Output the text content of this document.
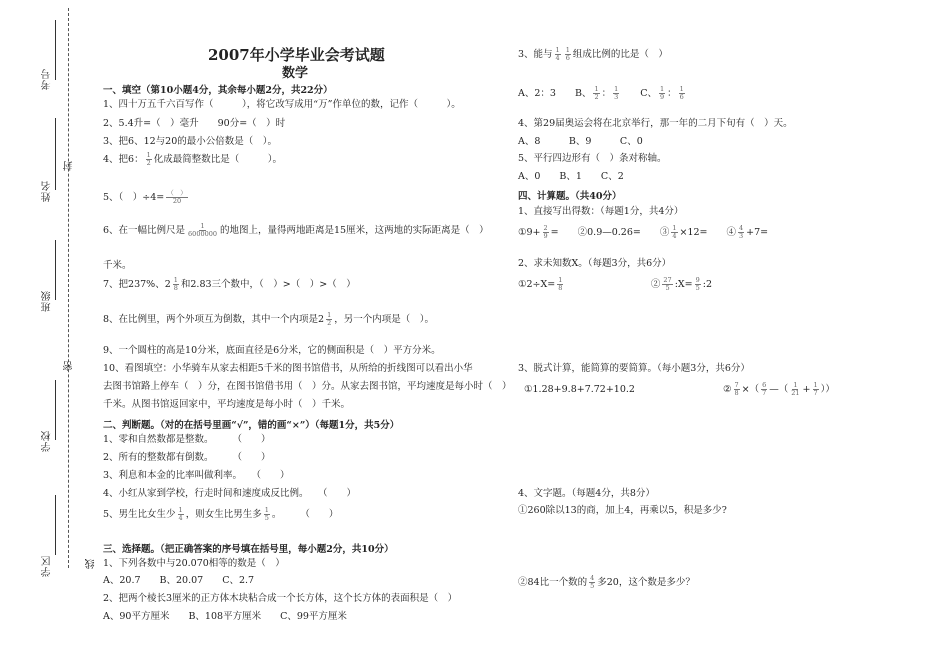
考号
姓名
封
班级
密
学校
学区	线
2007年小学毕业会考试题
数学
一、填空（第10小题4分，其余每小题2分，共22分）
1、四十万五千六百写作（　　　），将它改写成用“万”作单位的数，记作（　　　）。
2、5.4升=（　）毫升　　90分=（　）时
3、把6、12与20的最小公倍数是（　）。
4、把6： $\frac{1}{2}$ 化成最简整数比是（　　　）。
5、（　）$\div 4= \frac{( )}{20}$
6、在一幅比例尺是 $\frac{1}{6000000}$ 的地图上，量得两地距离是15厘米，这两地的实际距离是（　）
千米。
7、把237%、$2 \frac{1}{8}$ 和2.83三个数中，（　）>（　）>（　）
8、在比例里，两个外项互为倒数，其中一个内项是$2 \frac{1}{2}$ ，另一个内项是（　）。
9、一个圆柱的高是10分米，底面直径是6分米，它的侧面积是（　）平方分米。
10、看图填空：小华骑车从家去相距5千米的图书馆借书，从所给的折线图可以看出小华
去图书馆路上停车（　）分，在图书馆借书用（　）分。从家去图书馆，平均速度是每小时（　）
千米。从图书馆返回家中，平均速度是每小时（　）千米。
二、判断题。（对的在括号里画“√”，错的画“×”）（每题1分，共5分）
1、零和自然数都是整数。　　　（　　）
2、所有的整数都有倒数。　　　（　　）
3、利息和本金的比率叫做利率。　　（　　）
4、小红从家到学校，行走时间和速度成反比例。　　（　　）
5、男生比女生少 $\frac{1}{4}$ ，则女生比男生多 $\frac{1}{5}$ 。　　　（　　）
三、选择题。（把正确答案的序号填在括号里，每小题2分，共10分）
1、下列各数中与20.070相等的数是（　）
A、20.7　　B、20.07　　C、2.7
2、把两个棱长3厘米的正方体木块粘合成一个长方体，这个长方体的表面积是（　）
A、90平方厘米　　B、108平方厘米　　C、99平方厘米
3、能与 $\frac{1}{4} \frac{1}{6}$ 组成比例的比是（　）
A、2：3　　B、 $\frac{1}{2}$ ： $\frac{1}{3}$ 　　C、 $\frac{1}{9}$ ： $\frac{1}{6}$
4、第29届奥运会将在北京举行，那一年的二月下旬有（　）天。
A、8　　　B、9　　　C、0
5、平行四边形有（　）条对称轴。
A、0　　B、1　　C、2
四、计算题。（共40分）
1、直接写出得数：（每题1分，共4分）
①9+ $\frac{2}{9}$ =　　②0.9—0.26=　　③ $\frac{1}{4} \times 12=$　　④ $\frac{4}{3} +7=$
2、求未知数X。（每题3分，共6分）
①2÷X= $\frac{1}{8}$ 　　　　　　　　　② $\frac{27}{5}$ :X= $\frac{9}{5}$ :2
3、脱式计算，能简算的要简算。（每小题3分，共6分）
①1.28+9.8+7.72+10.2	② $\frac{7}{8}$ ×（ $\frac{6}{7}$ —（ $\frac{1}{21} + \frac{1}{7}$ ））
4、文字题。（每题4分，共8分）
①260除以13的商，加上4，再乘以5，积是多少?
②84比一个数的 $\frac{4}{5}$ 多20，这个数是多少？
